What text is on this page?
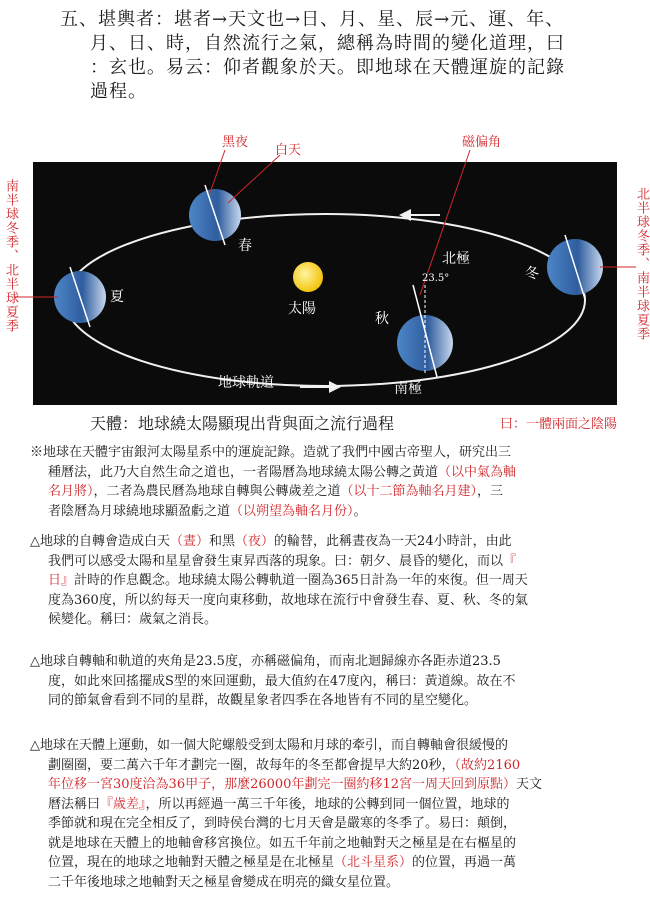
五、堪輿者：堪者→天文也→日、月、星、辰→元、運、年、
月、日、時，自然流行之氣，總稱為時間的變化道理，曰
：玄也。易云：仰者觀象於天。即地球在天體運旋的記錄
過程。
春
夏
秋
冬
太陽
北極
南極
地球軌道
23.5°
黑夜
白天
磁偏角
南半球冬季、北半球夏季	北半球冬季、南半球夏季
天體：地球繞太陽顯現出背與面之流行過程	曰：一體兩面之陰陽
※地球在天體宇宙銀河太陽星系中的運旋記錄。造就了我們中國古帝聖人，研究出三
種曆法，此乃大自然生命之道也，一者陽曆為地球繞太陽公轉之黃道（以中氣為軸
名月將），二者為農民曆為地球自轉與公轉歲差之道（以十二節為軸名月建），三
者陰曆為月球繞地球顯盈虧之道（以朔望為軸名月份）。
△地球的自轉會造成白天（晝）和黑（夜）的輪替，此稱晝夜為一天24小時計，由此
我們可以感受太陽和星星會發生東昇西落的現象。曰：朝夕、晨昏的變化，而以『
日』計時的作息觀念。地球繞太陽公轉軌道一圈為365日計為一年的來復。但一周天
度為360度，所以約每天一度向東移動，故地球在流行中會發生春、夏、秋、冬的氣
候變化。稱曰：歲氣之消長。
△地球自轉軸和軌道的夾角是23.5度，亦稱磁偏角，而南北迴歸線亦各距赤道23.5
度，如此來回搖擺成S型的來回運動，最大值約在47度內，稱曰：黃道線。故在不
同的節氣會看到不同的星群，故觀星象者四季在各地皆有不同的星空變化。
△地球在天體上運動，如一個大陀螺般受到太陽和月球的牽引，而自轉軸會很緩慢的
劃圈圈，要二萬六千年才劃完一圈，故每年的冬至都會提早大約20秒，（故約2160
年位移一宮30度洽為36甲子，那麼26000年劃完一圈約移12宮一周天回到原點）天文
曆法稱曰『歲差』，所以再經過一萬三千年後，地球的公轉到同一個位置，地球的
季節就和現在完全相反了，到時侯台灣的七月天會是嚴寒的冬季了。易曰：顛倒，
就是地球在天體上的地軸會移宮換位。如五千年前之地軸對天之極星是在右樞星的
位置，現在的地球之地軸對天體之極星是在北極星（北斗星系）的位置，再過一萬
二千年後地球之地軸對天之極星會變成在明亮的織女星位置。
